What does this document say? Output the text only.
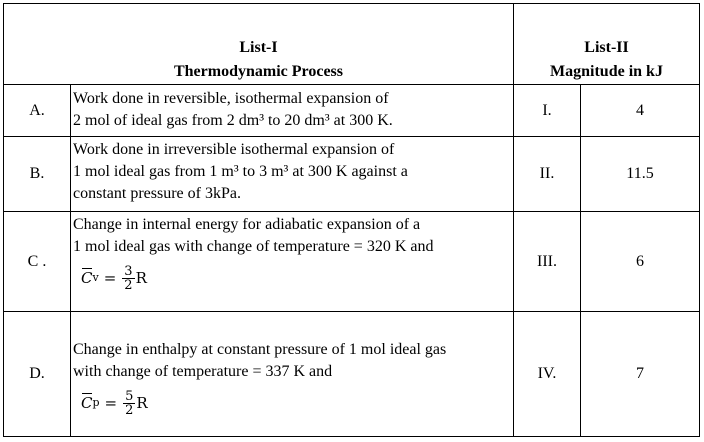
List-I
Thermodynamic Process
List-II
Magnitude in kJ
A.
Work done in reversible, isothermal expansion of
2 mol of ideal gas from 2 dm³ to 20 dm³ at 300 K.
I.	4
B.
Work done in irreversible isothermal expansion of
1 mol ideal gas from 1 m³ to 3 m³ at 300 K against a
constant pressure of 3kPa.
II.	11.5
C .
Change in internal energy for adiabatic expansion of a
1 mol ideal gas with change of temperature = 320 K and
C $v = \frac{3}{2}$ R
III.	6
D.
Change in enthalpy at constant pressure of 1 mol ideal gas
with change of temperature = 337 K and
C $p = \frac{5}{2}$ R
IV.	7
